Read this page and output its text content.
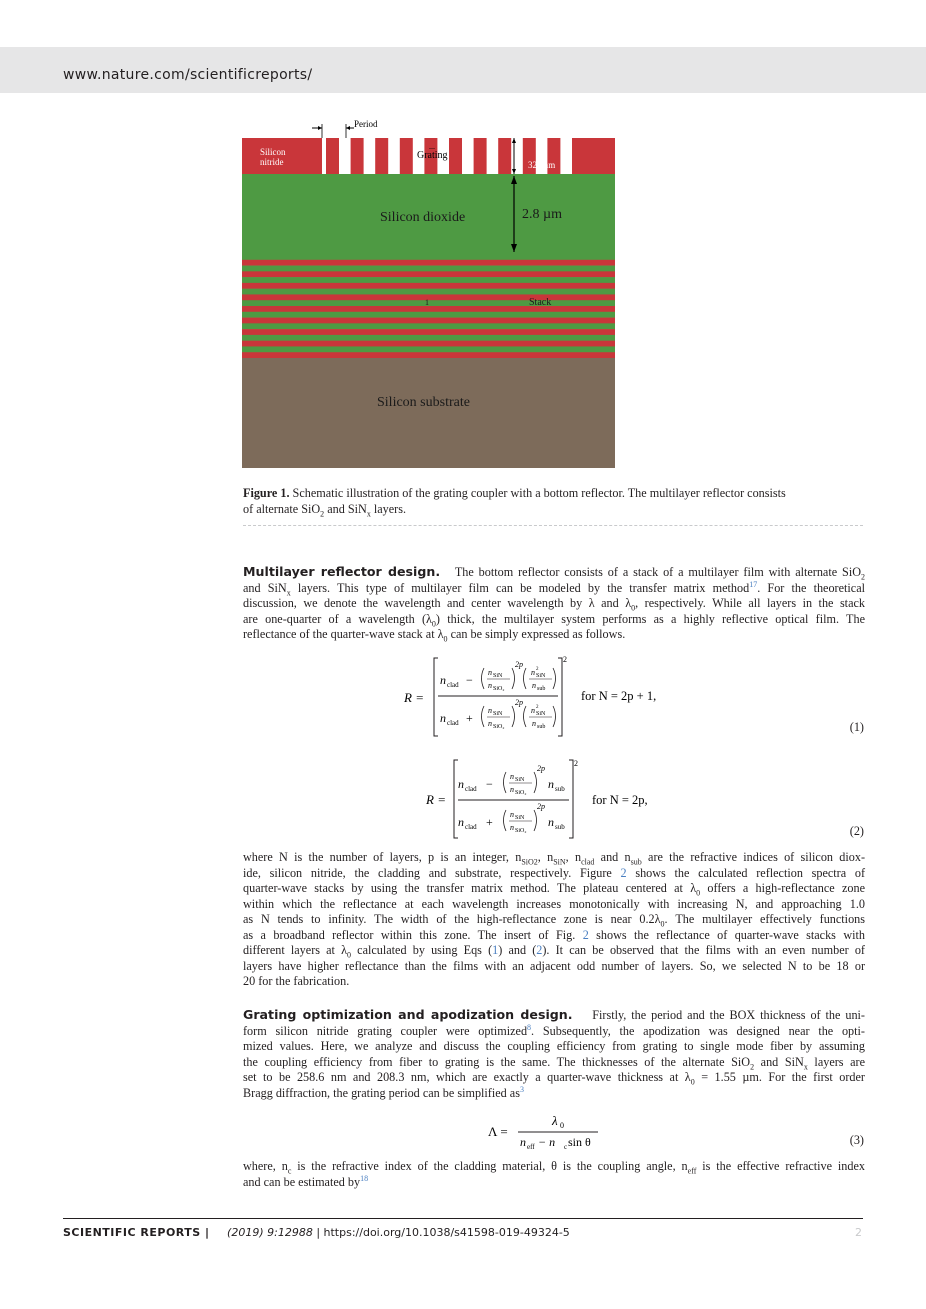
www.nature.com/scientificreports/
Period
Silicon
nitride
...
Grating
325 nm
Silicon dioxide	2.8 µm
1	Stack
Silicon substrate
Figure 1. Schematic illustration of the grating coupler with a bottom reflector. The multilayer reflector consists
of alternate SiO$_2$ and SiN$_x$ layers.
Multilayer reflector design. The bottom reflector consists of a stack of a multilayer film with alternate SiO$_2$
and SiN$_x$ layers. This type of multilayer film can be modeled by the transfer matrix method$^{17}$. For the theoretical
discussion, we denote the wavelength and center wavelength by λ and $\lambda_0$, respectively. While all layers in the stack
are one-quarter of a wavelength $(\lambda_0)$ thick, the multilayer system performs as a highly reflective optical film. The
reflectance of the quarter-wave stack at $\lambda_0$ can be simply expressed as follows.
R =
2
n clad −
n SiN
n SiO₂
2p
n 2
SiN
n sub
n clad +
n SiN
n SiO₂
2p
n 2
SiN
n sub
for N = 2p + 1,
(1)
R =
2
n clad −
n SiN
n SiO₂
2p
n sub
n clad +
n SiN
n SiO₂
2p
n sub
for N = 2p,
(2)
where N is the number of layers, p is an integer, $n_{SiO2}$, $n_{SiN}$, $n_{clad}$ and $n_{sub}$ are the refractive indices of silicon diox-
ide, silicon nitride, the cladding and substrate, respectively. Figure 2 shows the calculated reflection spectra of
quarter-wave stacks by using the transfer matrix method. The plateau centered at $\lambda_0$ offers a high-reflectance zone
within which the reflectance at each wavelength increases monotonically with increasing N, and approaching 1.0
as N tends to infinity. The width of the high-reflectance zone is near $0.2\lambda_0$. The multilayer effectively functions
as a broadband reflector within this zone. The insert of Fig. 2 shows the reflectance of quarter-wave stacks with
different layers at $\lambda_0$ calculated by using Eqs (1) and (2). It can be observed that the films with an even number of
layers have higher reflectance than the films with an adjacent odd number of layers. So, we selected N to be 18 or
20 for the fabrication.
Grating optimization and apodization design. Firstly, the period and the BOX thickness of the uni-
form silicon nitride grating coupler were optimized$^8$. Subsequently, the apodization was designed near the opti-
mized values. Here, we analyze and discuss the coupling efficiency from grating to single mode fiber by assuming
the coupling efficiency from fiber to grating is the same. The thicknesses of the alternate SiO$_2$ and SiN$_x$ layers are
set to be 258.6 nm and 208.3 nm, which are exactly a quarter-wave thickness at $\lambda_0 = 1.55$ µm. For the first order
Bragg diffraction, the grating period can be simplified $as^3$
Λ =
λ 0
n eff − n c sin θ	(3)
where, $n_c$ is the refractive index of the cladding material, θ is the coupling angle, $n_{eff}$ is the effective refractive index
and can be estimated $by^{18}$
SCIENTIFIC REPORTS | (2019) 9:12988 | https://doi.org/10.1038/s41598-019-49324-5	2
